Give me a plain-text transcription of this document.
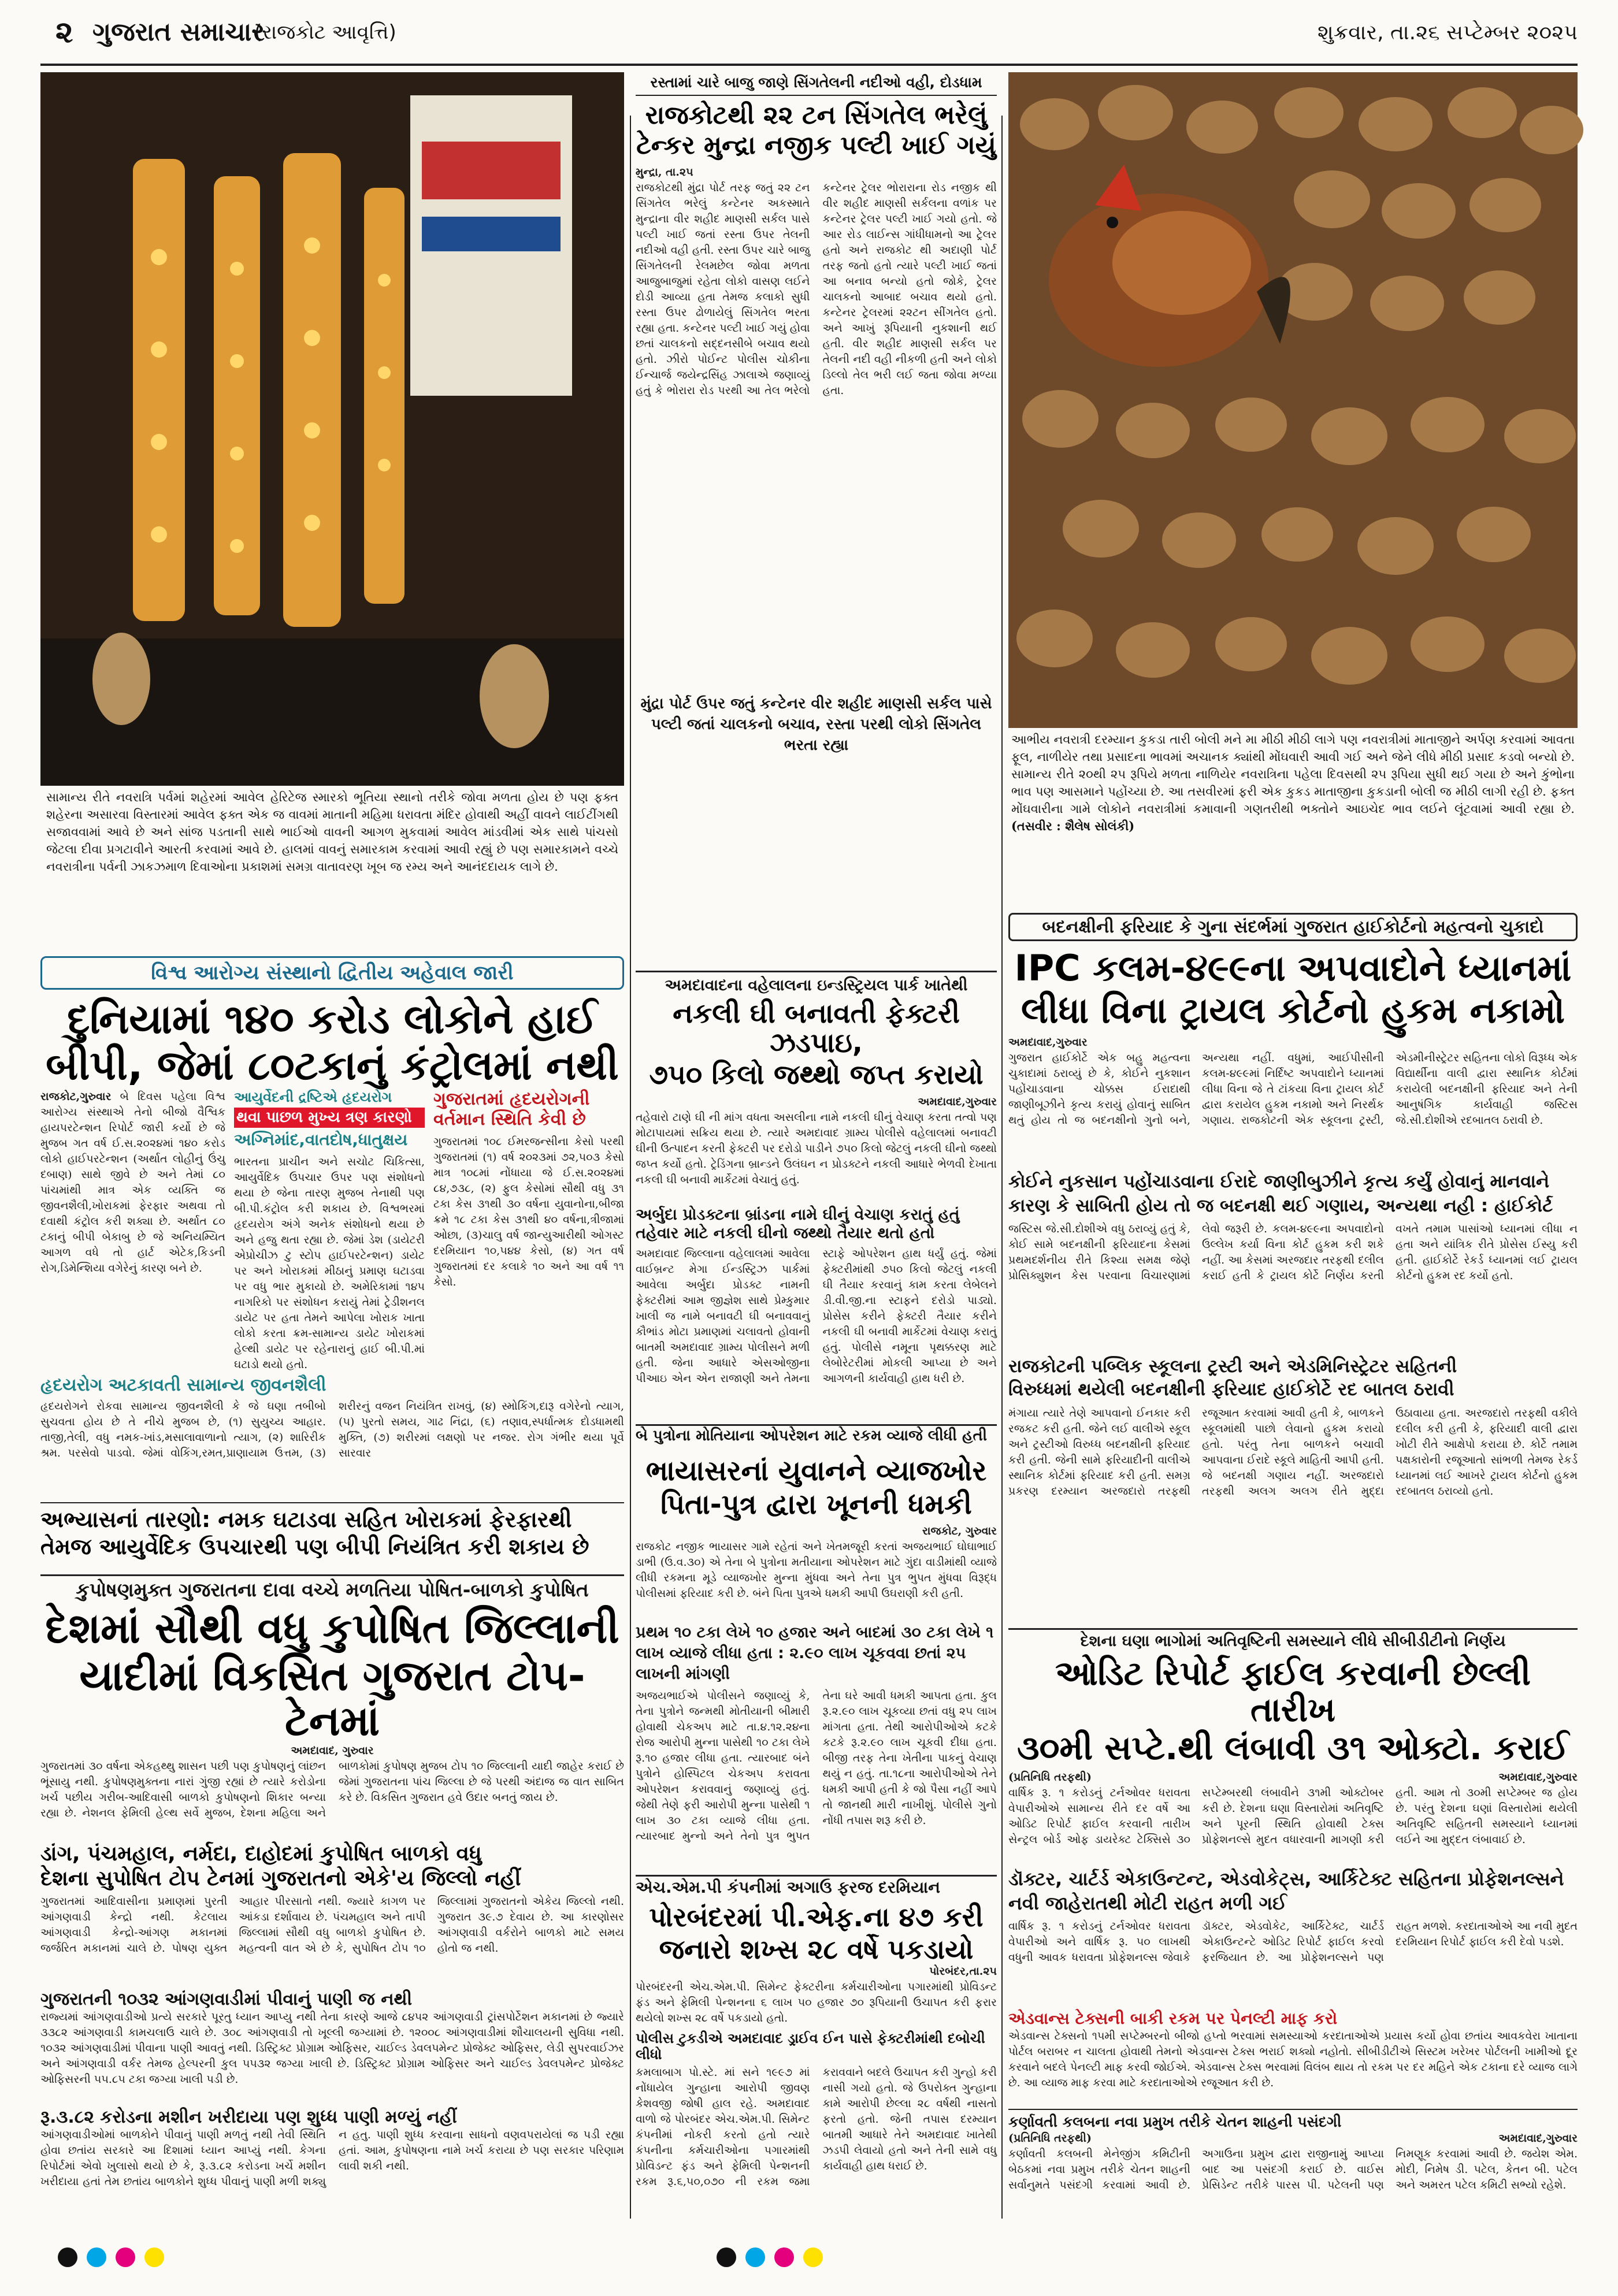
૨ ગુજરાત સમાચાર
(રાજકોટ આવૃત્તિ)	શુક્રવાર, તા.૨૬ સપ્ટેમ્બર ૨૦૨૫
સામાન્ય રીતે નવરાત્રિ પર્વમાં શહેરમાં આવેલ હેરિટેજ સ્મારકો ભૂતિયા સ્થાનો તરીકે જોવા મળતા હોય છે પણ ફક્ત શહેરના અસારવા વિસ્તારમાં આવેલ ફક્ત એક જ વાવમાં માતાની મહિમા ધરાવતા મંદિર હોવાથી અહીં વાવને લાઈટીંગથી સજાવવામાં આવે છે અને સાંજ પડતાની સાથે ભાઈઓ વાવની આગળ મુકવામાં આવેલ માંડવીમાં એક સાથે પાંચસો જેટલા દીવા પ્રગટાવીને આરતી કરવામાં આવે છે. હાલમાં વાવનું સમારકામ કરવામાં આવી રહ્યું છે પણ સમારકામને વચ્ચે નવરાત્રીના પર્વની ઝાકઝમાળ દિવાઓના પ્રકાશમાં સમગ્ર વાતાવરણ ખૂબ જ રમ્ય અને આનંદદાયક લાગે છે.
રસ્તામાં ચારે બાજુ જાણે સિંગતેલની નદીઓ વહી, દોડધામ
રાજકોટથી ૨૨ ટન સિંગતેલ ભરેલું
ટેન્કર મુન્દ્રા નજીક પલ્ટી ખાઈ ગયું
મુન્દ્રા, તા.૨૫
રાજકોટથી મુંદ્રા પોર્ટ તરફ જતું ૨૨ ટન સિંગતેલ ભરેલું કન્ટેનર અકસ્માતે મુન્દ્રાના વીર શહીદ માણસી સર્કલ પાસે પલ્ટી ખાઈ જતાં રસ્તા ઉપર તેલની નદીઓ વહી હતી. રસ્તા ઉપર ચારે બાજુ સિંગતેલની રેલમછેલ જોવા મળતા આજુબાજુમાં રહેતા લોકો વાસણ લઈને દોડી આવ્યા હતા તેમજ કલાકો સુધી રસ્તા ઉપર ઢોળાયેલું સિંગતેલ ભરતા રહ્યા હતા. કન્ટેનર પલ્ટી ખાઈ ગયું હોવા છતાં ચાલકનો સદ્દનસીબે બચાવ થયો હતો. ઝીરો પોઈન્ટ પોલીસ ચોકીના ઈન્ચાર્જ જયેન્દ્રસિંહ ઝાલાએ જણાવ્યું હતું કે ભોરારા રોડ પરથી આ તેલ ભરેલો કન્ટેનર ટ્રેલર ભોરારાના રોડ નજીક થી વીર શહીદ માણસી સર્કલના વળાંક પર કન્ટેનર ટ્રેલર પલ્ટી ખાઈ ગયો હતો. જે આર રોડ લાઈન્સ ગાંધીધામનો આ ટ્રેલર હતો અને રાજકોટ થી અદાણી પોર્ટ તરફ જતો હતો ત્યારે પલ્ટી ખાઈ જતાં આ બનાવ બન્યો હતો જોકે, ટ્રેલર ચાલકનો આબાદ બચાવ થયો હતો. કન્ટેનર ટ્રેલરમાં ૨૨ટન સીંગતેલ હતો. અને આખું રૂપિયાની નુકશાની થઈ હતી. વીર શહીદ માણસી સર્કલ પર તેલની નદી વહી નીકળી હતી અને લોકો ડિલ્લો તેલ ભરી લઈ જતા જોવા મળ્યા હતા.
મુંદ્રા પોર્ટ ઉપર જતું કન્ટેનર વીર શહીદ માણસી સર્કલ પાસે પલ્ટી જતાં ચાલકનો બચાવ, રસ્તા પરથી લોકો સિંગતેલ ભરતા રહ્યા	આભીય નવરાત્રી દરમ્યાન કુકડા તારી બોલી મને મા મીઠી મીઠી લાગે પણ નવરાત્રીમાં માતાજીને અર્પણ કરવામાં આવતા ફૂલ, નાળીયેર તથા પ્રસાદના ભાવમાં અચાનક ક્યાંથી મોંઘવારી આવી ગઈ અને જેને લીધે મીઠી પ્રસાદ કડવો બન્યો છે. સામાન્ય રીતે ૨૦થી ૨૫ રૂપિયે મળતા નાળિયેર નવરાત્રિના પહેલા દિવસથી ૨૫ રૂપિયા સુધી થઈ ગયા છે અને કુંભોના ભાવ પણ આસમાને પહોંચ્યા છે. આ તસવીરમાં ફરી એક કુકડ માતાજીના કુકડાની બોલી જ મીઠી લાગી રહી છે. ફક્ત મોંઘવારીના ગામે લોકોને નવરાત્રીમાં કમાવાની ગણતરીથી ભક્તોને આઇચેદ ભાવ લઈને લૂંટવામાં આવી રહ્યા છે. (તસવીર : શૈલેષ સોલંકી)
વિશ્વ આરોગ્ય સંસ્થાનો દ્વિતીય અહેવાલ જારી
દુનિયામાં ૧૪૦ કરોડ લોકોને હાઈ
બીપી, જેમાં ૮૦ટકાનું કંટ્રોલમાં નથી
રાજકોટ,ગુરુવાર બે દિવસ પહેલા વિશ્વ આરોગ્ય સંસ્થાએ તેનો બીજો વૈશ્વિક હાયપરટેન્શન રિપોર્ટ જારી કર્યો છે જે મુજબ ગત વર્ષ ઈ.સ.૨૦૨૪માં ૧૪૦ કરોડ લોકો હાઈપરટેન્શન (અર્થાત લોહીનું ઉંચુ દબાણ) સાથે જીવે છે અને તેમાં ૮૦ પાંચમાંથી માત્ર એક વ્યક્તિ જ જીવનશૈલી,ખોરાકમાં ફેરફાર અથવા તો દવાથી કંટ્રોલ કરી શક્યા છે. અર્થાત ૮૦ ટકાનું બીપી બેકાબુ છે જે અનિયમ્યિત આગળ વધે તો હાર્ટ એટેક,કિડની રોગ,ડિમેન્શિયા વગેરેનું કારણ બને છે.
આયુર્વેદની દ્રષ્ટિએ હૃદયરોગ
થવા પાછળ મુખ્ય ત્રણ કારણો
અગ્નિમાંદ,વાતદોષ,ધાતુક્ષય
ભારતના પ્રાચીન અને સચોટ ચિકિત્સા, આયુર્વેદિક ઉપચાર ઉપર પણ સંશોધનો થયા છે જેના તારણ મુજબ તેનાથી પણ બી.પી.કંટ્રોલ કરી શકાય છે. વિશ્વભરમાં હૃદયરોગ અંગે અનેક સંશોધનો થયા છે અને હજુ થતા રહ્યા છે. જેમાં ડેશ (ડાયેટરી એપ્રોચીઝ ટુ સ્ટોપ હાઈપરટેન્શન) ડાયેટ પર અને ખોરાકમાં મીઠાનું પ્રમાણ ઘટાડવા પર વધુ ભાર મુકાયો છે. અમેરિકામાં ૧૪૫ નાગરિકો પર સંશોધન કરાયું તેમાં ટ્રેડીશનલ ડાયેટ પર હતા તેમને આપેલા ખોરાક ખાતા લોકો કરતા ક્રમ-સામાન્ય ડાયેટ ખોરાકમાં હેલ્થી ડાયેટ પર રહેનારાનું હાઈ બી.પી.માં ઘટાડો થયો હતો.
ગુજરાતમાં હૃદયરોગની
વર્તમાન સ્થિતિ કેવી છે
ગુજરાતમાં ૧૦૮ ઈમરજન્સીના કેસો પરથી ગુજરાતમાં (૧) વર્ષ ૨૦૨૩માં ૭૨,૫૦૩ કેસો માત્ર ૧૦૮માં નોંધાયા જે ઈ.સ.૨૦૨૪માં ૮૪,૭૩૮, (૨) ફુલ કેસોમાં સૌથી વધુ ૩૧ ટકા કેસ ૩૧થી ૩૦ વર્ષના યુવાનોના,બીજા ક્રમે ૧૮ ટકા કેસ ૩૧થી ૪૦ વર્ષના,ત્રીજામાં ઓછા, (૩)ચાલુ વર્ષ જાન્યુઆરીથી ઓગસ્ટ દરમિયાન ૧૦,૫૪૪ કેસો, (૪) ગત વર્ષ ગુજરાતમાં દર કલાકે ૧૦ અને આ વર્ષ ૧૧ કેસો.
હૃદયરોગ અટકાવતી સામાન્ય જીવનશૈલી
હૃદયરોગને રોકવા સામાન્ય જીવનશૈલી કે જે ઘણા તબીબો સુચવતા હોય છે તે નીચે મુજબ છે, (૧) સુયુચ્ય આહાર. તાજી,તેલી, વધુ નમક-ખાંડ,મસાલાવાળાનો ત્યાગ, (૨) શારિરીક શ્રમ. પરસેવો પાડવો. જેમાં વોકિંગ,રમત,પ્રાણાયામ ઉત્તમ, (૩) શરીરનું વજન નિયંત્રિત રાખવું, (૪) સ્મોકિંગ,દારૂ વગેરેનો ત્યાગ, (૫) પુરતો સમય, ગાઢ નિંદ્રા, (૬) તણાવ,સ્પર્ધાત્મક દોડધામથી મુક્તિ, (૭) શરીરમાં લક્ષણો પર નજર. રોગ ગંભીર થયા પૂર્વે સારવાર
અભ્યાસનાં તારણો: નમક ઘટાડવા સહિત ખોરાકમાં ફેરફારથી
તેમજ આયુર્વેદિક ઉપચારથી પણ બીપી નિયંત્રિત કરી શકાય છે
અમદાવાદના વહેલાલના ઇન્ડસ્ટ્રિયલ પાર્ક ખાતેથી
નકલી ઘી બનાવતી ફેક્ટરી ઝડપાઇ,
૭૫૦ કિલો જથ્થો જપ્ત કરાયો
અમદાવાદ,ગુરુવાર
તહેવારો ટાણે ઘી ની માંગ વધતા અસલીના નામે નકલી ઘીનું વેચાણ કરતા તત્વો પણ મોટાપાયમાં સક્રિય થયા છે. ત્યારે અમદાવાદ ગ્રામ્ય પોલીસે વહેલાલમાં બનાવટી ઘીની ઉત્પાદન કરતી ફેક્ટરી પર દરોડો પાડીને ૭૫૦ કિલો જેટલું નકલી ઘીનો જથ્થો જપ્ત કર્યો હતો. ટ્રેડિંગના બ્રાન્ડને ઉલંઘન ન પ્રોડક્ટને નકલી આધારે ભેળવી દેખાતા નકલી ઘી બનાવી માર્કેટમાં વેચાતું હતું.
અર્બુદા પ્રોડક્ટના બ્રાંડના નામે ઘીનું વેચાણ કરાતું હતું
તહેવાર માટે નકલી ઘીનો જથ્થો તૈયાર થતો હતો
અમદાવાદ જિલ્લાના વહેલાલમાં આવેલા વાઈબ્રન્ટ મેગા ઈન્ડસ્ટ્રિઝ પાર્કમાં આવેલા અર્બુદા પ્રોડક્ટ નામની ફેક્ટરીમાં આમ જીજ્ઞેશ સાથે પ્રેમ્કુમાર ખાલી જ નામે બનાવટી ઘી બનાવવાનું કૌભાંડ મોટા પ્રમાણમાં ચલાવતો હોવાની બાતમી અમદાવાદ ગ્રામ્ય પોલીસને મળી હતી. જેના આધારે એસઓજીના પીઆઇ એન એન રાજાણી અને તેમના સ્ટાફે ઓપરેશન હાથ ધર્યું હતું. જેમાં ફેક્ટરીમાંથી ૭૫૦ કિલો જેટલું નકલી ઘી તૈયાર કરવાનું કામ કરતા લેબેલને ડી.વી.જી.ના સ્ટાફને દરોડો પાડ્યો. પ્રોસેસ કરીને ફેક્ટરી તૈયાર કરીને નકલી ઘી બનાવી માર્કેટમાં વેચાણ કરાતું હતું. પોલીસે નમૂના પૃથક્કરણ માટે લેબોરેટરીમાં મોકલી આપ્યા છે અને આગળની કાર્યવાહી હાથ ધરી છે.
બે પુત્રોના મોતિયાના ઓપરેશન માટે રકમ વ્યાજે લીધી હતી
ભાયાસરનાં યુવાનને વ્યાજખોર
પિતા-પુત્ર દ્વારા ખૂનની ધમકી
રાજકોટ, ગુરુવાર
રાજકોટ નજીક ભાયાસર ગામે રહેતાં અને ખેતમજૂરી કરતાં અજયભાઈ ઘોઘાભાઈ ડાભી (ઉ.વ.૩૦) એ તેના બે પુત્રોના મતીયાના ઓપરેશન માટે ગુંદા વાડીમાંથી વ્યાજે લીધી રકમના મૂડે વ્યાજખોર મુન્ના મુંધવા અને તેના પુત્ર ભુપત મુંધવા વિરૂદ્ધ પોલીસમાં ફરિયાદ કરી છે. બંને પિતા પુત્રએ ધમકી આપી ઉઘરાણી કરી હતી.
પ્રથમ ૧૦ ટકા લેખે ૧૦ હજાર અને બાદમાં ૩૦ ટકા લેખે ૧ લાખ વ્યાજે લીધા હતા : ૨.૯૦ લાખ ચૂકવવા છતાં ૨૫ લાખની માંગણી
અજયભાઈએ પોલીસને જણાવ્યું કે, તેના પુત્રોને જન્મથી મોતીયાની બીમારી હોવાથી ચેકઅપ માટે તા.૪.૧૨.૨૪ના રોજ આરોપી મુન્ના પાસેથી ૧૦ ટકા લેખે રૂ.૧૦ હજાર લીધા હતા. ત્યારબાદ બંને પુત્રોને હોસ્પિટલ ચેકઅપ કરાવતા ઓપરેશન કરાવવાનું જણાવ્યું હતું. જેથી તેણે ફરી આરોપી મુન્ના પાસેથી ૧ લાખ ૩૦ ટકા વ્યાજે લીધા હતા. ત્યારબાદ મુન્નો અને તેનો પુત્ર ભુપત તેના ઘરે આવી ધમકી આપતા હતા. કુલ રૂ.૨.૯૦ લાખ ચૂકવ્યા છતાં વધુ ૨૫ લાખ માંગતા હતા. તેથી આરોપીઓએ કટકે કટકે રૂ.૨.૯૦ લાખ ચૂકવી દીધા હતા. બીજી તરફ તેના ખેતીના પાકનું વેચાણ થયું ન હતું. તા.૧૮ના આરોપીઓએ તેને ધમકી આપી હતી કે જો પૈસા નહીં આપે તો જાનથી મારી નાખીશું. પોલીસે ગુનો નોંધી તપાસ શરૂ કરી છે.
બદનક્ષીની ફરિયાદ કે ગુના સંદર્ભમાં ગુજરાત હાઈકોર્ટનો મહત્વનો ચુકાદો
IPC કલમ-૪૯૯ના અપવાદોને ધ્યાનમાં
લીધા વિના ટ્રાયલ કોર્ટનો હુકમ નકામો
અમદાવાદ,ગુરુવાર
ગુજરાત હાઈકોર્ટે એક બહુ મહત્વના ચુકાદામાં ઠરાવ્યું છે કે, કોઈને નુકશાન પહોંચાડવાના ચોક્કસ ઈરાદાથી જાણીબૂઝીને કૃત્ય કરાયું હોવાનું સાબિત થતું હોય તો જ બદનક્ષીનો ગુનો બને, અન્યથા નહીં. વધુમાં, આઈપીસીની કલમ-૪૯૯માં નિર્દિષ્ટ અપવાદોને ધ્યાનમાં લીધા વિના જે તે ટાંકયા વિના ટ્રાયલ કોર્ટ દ્વારા કરાયેલ હુકમ નકામો અને નિરર્થક ગણાય. રાજકોટની એક સ્કૂલના ટ્રસ્ટી, એડમીનીસ્ટ્રેટર સહિતના લોકો વિરૂધ્ધ એક વિદ્યાર્થીના વાલી દ્વારા સ્થાનિક કોર્ટમાં કરાયેલી બદનક્ષીની ફરિયાદ અને તેની આનુષંગિક કાર્યવાહી જસ્ટિસ જે.સી.દોશીએ રદબાતલ ઠરાવી છે.
કોઈને નુકસાન પહોંચાડવાના ઈરાદે જાણીબુઝીને કૃત્ય કર્યું હોવાનું માનવાને કારણ કે સાબિતી હોય તો જ બદનક્ષી થઈ ગણાય, અન્યથા નહી : હાઈકોર્ટ
જસ્ટિસ જે.સી.દોશીએ વધુ ઠરાવ્યું હતું કે, કોઈ સામે બદનક્ષીની ફરિયાદના કેસમાં પ્રથમદર્શનીય રીતે કિશ્યા સમક્ષ જેણે પ્રોસિક્યુશન કેસ પરવાના વિચારણામાં લેવો જરૂરી છે. કલમ-૪૯૯ના અપવાદોનો ઉલ્લેખ કર્યા વિના કોર્ટ હુકમ કરી શકે નહીં. આ કેસમાં અરજદાર તરફથી દલીલ કરાઈ હતી કે ટ્રાયલ કોર્ટે નિર્ણય કરતી વખતે તમામ પાસાંઓ ધ્યાનમાં લીધા ન હતા અને યાંત્રિક રીતે પ્રોસેસ ઈસ્યુ કરી હતી. હાઈકોર્ટે રેકર્ડ ધ્યાનમાં લઈ ટ્રાયલ કોર્ટનો હુકમ રદ કર્યો હતો.
રાજકોટની પબ્લિક સ્કૂલના ટ્રસ્ટી અને એડમિનિસ્ટ્રેટર સહિતની
વિરુધ્ધમાં થયેલી બદનક્ષીની ફરિયાદ હાઈકોર્ટે રદ બાતલ ઠરાવી
મંગાયા ત્યારે તેણે આપવાનો ઈનકાર કરી રજકટ કરી હતી. જેને લઈ વાલીએ સ્કૂલ અને ટ્રસ્ટીઓ વિરુધ્ધ બદનક્ષીની ફરિયાદ કરી હતી. જેની સામે ફરિયાદીની વાલીએ સ્થાનિક કોર્ટમાં ફરિયાદ કરી હતી. સમગ્ર પ્રકરણ દરમ્યાન અરજદારો તરફથી રજૂઆત કરવામાં આવી હતી કે, બાળકને સ્કૂલમાંથી પાછો લેવાનો હુકમ કરાયો હતો. પરંતુ તેના બાળકને બચાવી આપવાના ઈરાદે સ્કૂલે માહિતી આપી હતી. જે બદનક્ષી ગણાય નહીં. અરજદારો તરફથી અલગ અલગ રીતે મુદ્દા ઉઠાવાયા હતા. અરજદારો તરફથી વકીલે દલીલ કરી હતી કે, ફરિયાદી વાલી દ્વારા ખોટી રીતે આક્ષેપો કરાયા છે. કોર્ટે તમામ પક્ષકારોની રજૂઆતો સાંભળી તેમજ રેકર્ડ ધ્યાનમાં લઈ આખરે ટ્રાયલ કોર્ટનો હુકમ રદબાતલ ઠરાવ્યો હતો.
કુપોષણમુક્ત ગુજરાતના દાવા વચ્ચે મળતિયા પોષિત-બાળકો કુપોષિત
દેશમાં સૌથી વધુ કુપોષિત જિલ્લાની
યાદીમાં વિકસિત ગુજરાત ટોપ-ટેનમાં
અમદાવાદ, ગુરુવાર
ગુજરાતમાં ૩૦ વર્ષના એકહથ્થુ શાસન પછી પણ કુપોષણનું લાંછન ભૂંસાયુ નથી. કુપોષણમુક્તના નારાં ગુંજી રહ્યાં છે ત્યારે કરોડોના ખર્ચ પછીય ગરીબ-આદિવાસી બાળકો કુપોષણનો શિકાર બન્યા રહ્યા છે. નેશનલ ફેમિલી હેલ્થ સર્વે મુજબ, દેશના મહિલા અને બાળકોમાં કુપોષણ મુજબ ટોપ ૧૦ જિલ્લાની યાદી જાહેર કરાઈ છે જેમાં ગુજરાતના પાંચ જિલ્લા છે જે પરથી અંદાજ જ વાત સાબિત કરે છે. વિકસિત ગુજરાત હવે ઉદાર બનતું જાય છે.
ડાંગ, પંચમહાલ, નર્મદા, દાહોદમાં કુપોષિત બાળકો વધુ
દેશના સુપોષિત ટોપ ટેનમાં ગુજરાતનો એકે'ય જિલ્લો નહીં
ગુજરાતમાં આદિવાસીના પ્રમાણમાં પુરતી આંગણવાડી કેન્દ્રો નથી. કેટલાય આંગણવાડી કેન્દ્રો-આંગણ મકાનમાં જર્જરિત મકાનમાં ચાલે છે. પોષણ યુક્ત આહાર પીરસાતો નથી. જ્યારે કાગળ પર આંકડા દર્શાવાય છે. પંચમહાલ અને તાપી જિલ્લામાં સૌથી વધુ બાળકો કુપોષિત છે. મહત્વની વાત એ છે કે, સુપોષિત ટોપ ૧૦ જિલ્લામાં ગુજરાતનો એકેય જિલ્લો નથી. ગુજરાત ૩૯.૭ દેવાય છે. આ કારણોસર આંગણવાડી વર્કરોને બાળકો માટે સમય હોતો જ નથી.
ગુજરાતની ૧૦૩૨ આંગણવાડીમાં પીવાનું પાણી જ નથી
રાજ્યમાં આંગણવાડીઓ પ્રત્યે સરકારે પૂરતુ ધ્યાન આપ્યુ નથી તેના કારણે આજે ૮૪૫૨ આંગણવાડી ટ્રાંસપોર્ટેશન મકાનમાં છે જ્યારે ૩૩૮૨ આંગણવાડી કામચલાઉ ચાલે છે. ૩૦૮ આંગણવાડી તો ખૂલ્લી જગ્યામાં છે. ૧૨૦૦૮ આંગણવાડીમાં શૌચાલયની સુવિધા નથી. ૧૦૩૨ આંગણવાડીમાં પીવાના પાણી આવતું નથી. ડિસ્ટ્રિક્ટ પ્રોગ્રામ ઓફિસર, ચાઈલ્ડ ડેવલપમેન્ટ પ્રોજેક્ટ ઓફિસર, લેડી સુપરવાઈઝર અને આંગણવાડી વર્કર તેમજ હેલ્પરની કુલ ૫૫૩૨ જગ્યા ખાલી છે. ડિસ્ટ્રિક્ટ પ્રોગ્રામ ઓફિસર અને ચાઈલ્ડ ડેવલપમેન્ટ પ્રોજેક્ટ ઓફિસરની ૫૫.૮૫ ટકા જગ્યા ખાલી પડી છે.
રૂ.૩.૮૨ કરોડના મશીન ખરીદાયા પણ શુધ્ધ પાણી મળ્યું નહીં
આંગણવાડીઓમાં બાળકોને પીવાનું પાણી મળતું નથી તેવી સ્થિતિ હોવા છતાંય સરકારે આ દિશામાં ધ્યાન આપ્યું નથી. કેગના રિપોર્ટમાં એવો ખુલાસો થયો છે કે, રૂ.૩.૮૨ કરોડના ખર્ચે મશીન ખરીદાયા હતાં તેમ છતાંય બાળકોને શુધ્ધ પીવાનું પાણી મળી શક્યુ ન હતુ. પાણી શુધ્ધ કરવાના સાધનો વણવપરાયેલાં જ પડી રહ્યા હતાં. આમ, કુપોષણના નામે ખર્ચ કરાયા છે પણ સરકાર પરિણામ લાવી શકી નથી.
એચ.એમ.પી કંપનીમાં અગાઉ ફરજ દરમિયાન
પોરબંદરમાં પી.એફ.ના ૪૭ કરી
જનારો શખ્સ ૨૮ વર્ષે પકડાયો
પોરબંદર,તા.૨૫
પોરબંદરની એચ.એમ.પી. સિમેન્ટ ફેક્ટરીના કર્મચારીઓના પગારમાંથી પ્રોવિડન્ટ ફંડ અને ફેમિલી પેન્શનના ૬ લાખ ૫૦ હજાર ૭૦ રૂપિયાની ઉચાપત કરી ફરાર થયેલો શખ્સ ૨૮ વર્ષે પકડાયો હતો.
પોલીસ ટુકડીએ અમદાવાદ ડ્રાઈવ ઈન પાસે ફેક્ટરીમાંથી દબોચી લીધો
કમલાબાગ પો.સ્ટે. માં સને ૧૯૯૭ માં નોંધાયેલ ગુન્હાના આરોપી જીવણ કેશવજી જોષી હાલ રહે. અમદાવાદ વાળો જે પોરબંદર એચ.એમ.પી. સિમેન્ટ કંપનીમાં નોકરી કરતો હતો ત્યારે કંપનીના કર્મચારીઓના પગારમાંથી પ્રોવિડન્ટ ફંડ અને ફેમિલી પેન્શનની રકમ રૂ.૬,૫૦,૦૭૦ ની રકમ જમા કરાવવાને બદલે ઉચાપત કરી ગુન્હો કરી નાસી ગયો હતો. જે ઉપરોક્ત ગુન્હાના કામે આરોપી છેલ્લા ૨૮ વર્ષથી નાસતો ફરતો હતો. જેની તપાસ દરમ્યાન બાતમી આધારે તેને અમદાવાદ ખાતેથી ઝડપી લેવાયો હતો અને તેની સામે વધુ કાર્યવાહી હાથ ધરાઈ છે.
દેશના ઘણા ભાગોમાં અતિવૃષ્ટિની સમસ્યાને લીધે સીબીડીટીનો નિર્ણય
ઓડિટ રિપોર્ટ ફાઈલ કરવાની છેલ્લી તારીખ
૩૦મી સપ્ટે.થી લંબાવી ૩૧ ઓક્ટો. કરાઈ
(પ્રતિનિધિ તરફથી)	અમદાવાદ,ગુરુવાર
વાર્ષિક રૂ. ૧ કરોડનું ટર્નઓવર ધરાવતા વેપારીઓએ સામાન્ય રીતે દર વર્ષે આ ઓડિટ રિપોર્ટ ફાઈલ કરવાની તારીખ સેન્ટ્રલ બોર્ડ ઓફ ડાયરેક્ટ ટેક્સિસે ૩૦ સપ્ટેમ્બરથી લંબાવીને ૩૧મી ઓક્ટોબર કરી છે. દેશના ઘણા વિસ્તારોમાં અતિવૃષ્ટિ અને પૂરની સ્થિતિ હોવાથી ટેક્સ પ્રોફેશનલ્સે મુદત વધારવાની માગણી કરી હતી. આમ તો ૩૦મી સપ્ટેમ્બર જ હોય છે. પરંતુ દેશના ઘણાં વિસ્તારોમાં થયેલી અતિવૃષ્ટિ સહિતની સમસ્યાને ધ્યાનમાં લઈને આ મુદ્દત લંબાવાઈ છે.
ડૉક્ટર, ચાર્ટર્ડ એકાઉન્ટન્ટ, એડવોકેટ્સ, આર્કિટેક્ટ સહિતના પ્રોફેશનલ્સને નવી જાહેરાતથી મોટી રાહત મળી ગઈ
વાર્ષિક રૂ. ૧ કરોડનું ટર્નઓવર ધરાવતા વેપારીઓ અને વાર્ષિક રૂ. ૫૦ લાખથી વધુની આવક ધરાવતા પ્રોફેશનલ્સ જેવાકે ડૉક્ટર, એડવોકેટ, આર્કિટેક્ટ, ચાર્ટર્ડ એકાઉન્ટન્ટે ઓડિટ રિપોર્ટ ફાઈલ કરવો ફરજિયાત છે. આ પ્રોફેશનલ્સને પણ રાહત મળશે. કરદાતાઓએ આ નવી મુદત દરમિયાન રિપોર્ટ ફાઈલ કરી દેવો પડશે.
એડવાન્સ ટેક્સની બાકી રકમ પર પેનલ્ટી માફ કરો
એડવાન્સ ટેક્સનો ૧૫મી સપ્ટેમ્બરનો બીજો હપ્તો ભરવામાં સમસ્યાઓ કરદાતાઓએ પ્રયાસ કર્યો હોવા છતાંય આવકવેરા ખાતાના પોર્ટલ બરાબર ન ચાલતા હોવાથી તેમનો એડવાન્સ ટેક્સ ભરાઈ શક્યો નહોતો. સીબીડીટીએ સિસ્ટમ ખરેખર પોર્ટલની ખામીઓ દૂર કરવાને બદલે પેનલ્ટી માફ કરવી જોઈએ. એડવાન્સ ટેક્સ ભરવામાં વિલંબ થાય તો રકમ પર દર મહિને એક ટકાના દરે વ્યાજ લાગે છે. આ વ્યાજ માફ કરવા માટે કરદાતાઓએ રજૂઆત કરી છે.
કર્ણાવતી કલબના નવા પ્રમુખ તરીકે ચેતન શાહની પસંદગી
(પ્રતિનિધિ તરફથી)	અમદાવાદ,ગુરુવાર
કર્ણાવતી કલબની મેનેજીંગ કમિટીની બેઠકમાં નવા પ્રમુખ તરીકે ચેતન શાહની સર્વાનુમતે પસંદગી કરવામાં આવી છે. અગાઉના પ્રમુખ દ્વારા રાજીનામું આપ્યા બાદ આ પસંદગી કરાઈ છે. વાઈસ પ્રેસિડેન્ટ તરીકે પારસ પી. પટેલની પણ નિમણૂક કરવામાં આવી છે. જયેશ એમ. મોદી, નિમેષ ડી. પટેલ, કેતન બી. પટેલ અને અમરત પટેલ કમિટી સભ્યો રહેશે.
